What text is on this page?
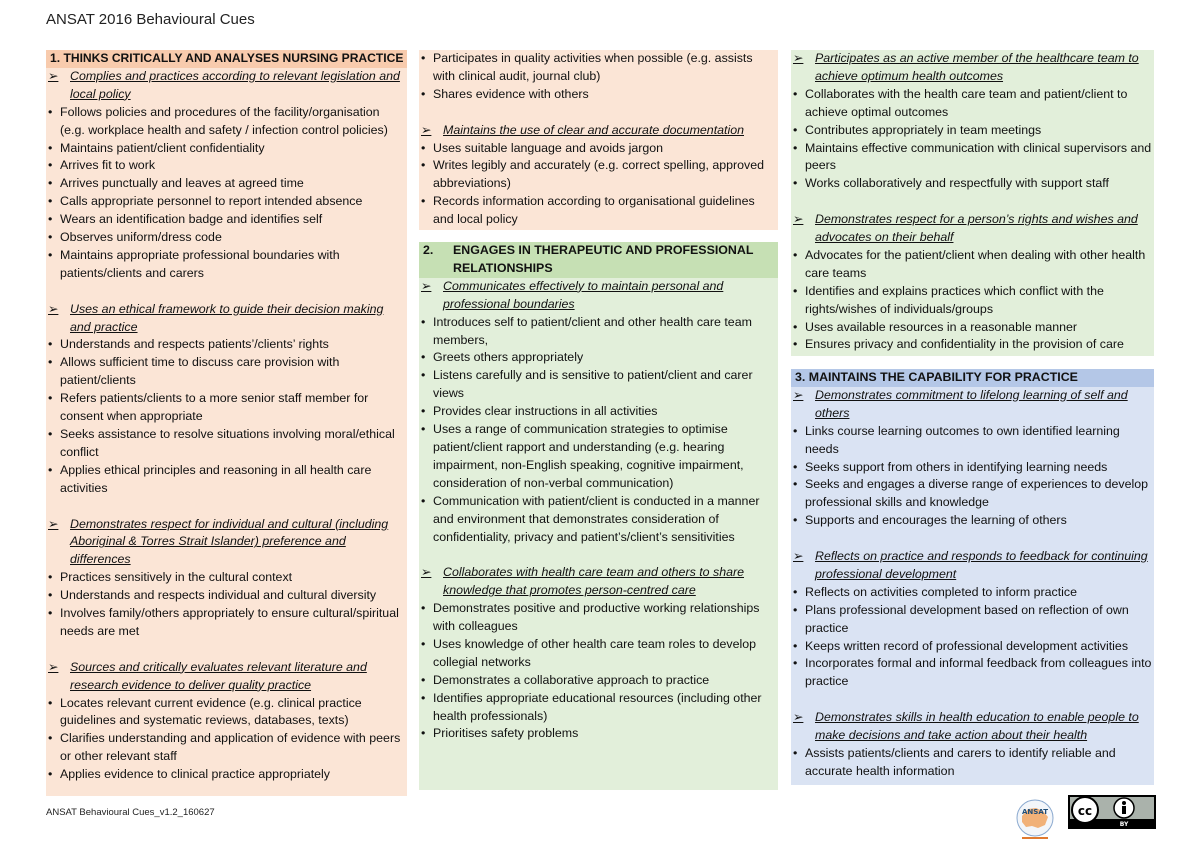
ANSAT 2016 Behavioural Cues
1. THINKS CRITICALLY AND ANALYSES NURSING PRACTICE
➢ Complies and practices according to relevant legislation and local policy
• Follows policies and procedures of the facility/organisation (e.g. workplace health and safety / infection control policies)
• Maintains patient/client confidentiality
• Arrives fit to work
• Arrives punctually and leaves at agreed time
• Calls appropriate personnel to report intended absence
• Wears an identification badge and identifies self
• Observes uniform/dress code
• Maintains appropriate professional boundaries with patients/clients and carers
➢ Uses an ethical framework to guide their decision making and practice
• Understands and respects patients’/clients’ rights
• Allows sufficient time to discuss care provision with patient/clients
• Refers patients/clients to a more senior staff member for consent when appropriate
• Seeks assistance to resolve situations involving moral/ethical conflict
• Applies ethical principles and reasoning in all health care activities
➢ Demonstrates respect for individual and cultural (including Aboriginal & Torres Strait Islander) preference and differences
• Practices sensitively in the cultural context
• Understands and respects individual and cultural diversity
• Involves family/others appropriately to ensure cultural/spiritual needs are met
➢ Sources and critically evaluates relevant literature and research evidence to deliver quality practice
• Locates relevant current evidence (e.g. clinical practice guidelines and systematic reviews, databases, texts)
• Clarifies understanding and application of evidence with peers or other relevant staff
• Applies evidence to clinical practice appropriately
• Participates in quality activities when possible (e.g. assists with clinical audit, journal club)
• Shares evidence with others
➢ Maintains the use of clear and accurate documentation
• Uses suitable language and avoids jargon
• Writes legibly and accurately (e.g. correct spelling, approved abbreviations)
• Records information according to organisational guidelines and local policy
2.	ENGAGES IN THERAPEUTIC AND PROFESSIONAL RELATIONSHIPS
➢ Communicates effectively to maintain personal and professional boundaries
• Introduces self to patient/client and other health care team members,
• Greets others appropriately
• Listens carefully and is sensitive to patient/client and carer views
• Provides clear instructions in all activities
• Uses a range of communication strategies to optimise patient/client rapport and understanding (e.g. hearing impairment, non-English speaking, cognitive impairment, consideration of non-verbal communication)
• Communication with patient/client is conducted in a manner and environment that demonstrates consideration of confidentiality, privacy and patient’s/client’s sensitivities
➢ Collaborates with health care team and others to share knowledge that promotes person-centred care
• Demonstrates positive and productive working relationships with colleagues
• Uses knowledge of other health care team roles to develop collegial networks
• Demonstrates a collaborative approach to practice
• Identifies appropriate educational resources (including other health professionals)
• Prioritises safety problems
➢ Participates as an active member of the healthcare team to achieve optimum health outcomes
• Collaborates with the health care team and patient/client to achieve optimal outcomes
• Contributes appropriately in team meetings
• Maintains effective communication with clinical supervisors and peers
• Works collaboratively and respectfully with support staff
➢ Demonstrates respect for a person’s rights and wishes and advocates on their behalf
• Advocates for the patient/client when dealing with other health care teams
• Identifies and explains practices which conflict with the rights/wishes of individuals/groups
• Uses available resources in a reasonable manner
• Ensures privacy and confidentiality in the provision of care
3. MAINTAINS THE CAPABILITY FOR PRACTICE
➢ Demonstrates commitment to lifelong learning of self and others
• Links course learning outcomes to own identified learning needs
• Seeks support from others in identifying learning needs
• Seeks and engages a diverse range of experiences to develop professional skills and knowledge
• Supports and encourages the learning of others
➢ Reflects on practice and responds to feedback for continuing professional development
• Reflects on activities completed to inform practice
• Plans professional development based on reflection of own practice
• Keeps written record of professional development activities
• Incorporates formal and informal feedback from colleagues into practice
➢ Demonstrates skills in health education to enable people to make decisions and take action about their health
• Assists patients/clients and carers to identify reliable and accurate health information
ANSAT Behavioural Cues_v1.2_160627	ANSAT cc
BY
